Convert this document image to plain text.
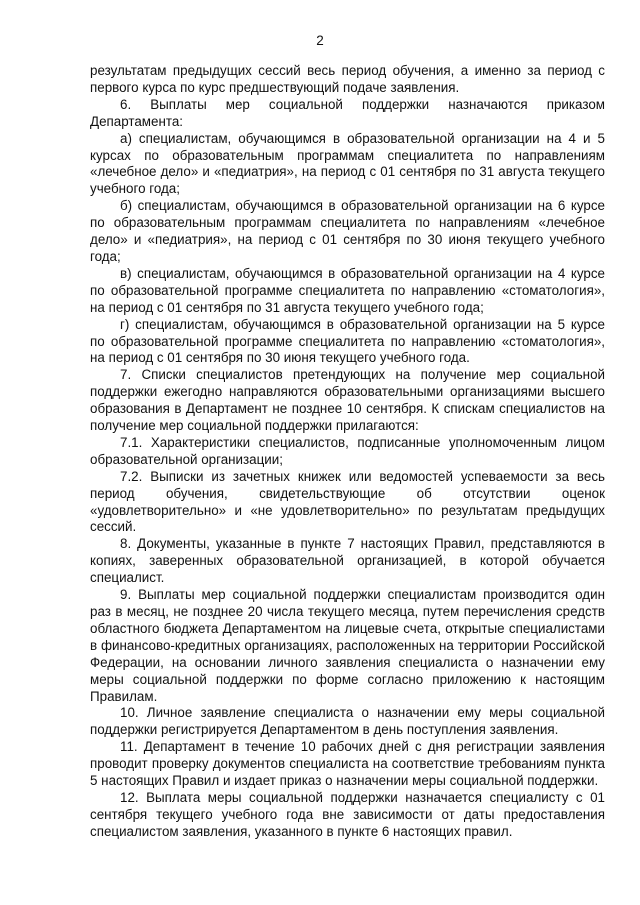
2

результатам предыдущих сессий весь период обучения, а именно за период с первого курса по курс предшествующий подаче заявления.

6. Выплаты мер социальной поддержки назначаются приказом Департамента:

а) специалистам, обучающимся в образовательной организации на 4 и 5 курсах по образовательным программам специалитета по направлениям «лечебное дело» и «педиатрия», на период с 01 сентября по 31 августа текущего учебного года;

б) специалистам, обучающимся в образовательной организации на 6 курсе по образовательным программам специалитета по направлениям «лечебное дело» и «педиатрия», на период с 01 сентября по 30 июня текущего учебного года;

в) специалистам, обучающимся в образовательной организации на 4 курсе по образовательной программе специалитета по направлению «стоматология», на период с 01 сентября по 31 августа текущего учебного года;

г) специалистам, обучающимся в образовательной организации на 5 курсе по образовательной программе специалитета по направлению «стоматология», на период с 01 сентября по 30 июня текущего учебного года.

7. Списки специалистов претендующих на получение мер социальной поддержки ежегодно направляются образовательными организациями высшего образования в Департамент не позднее 10 сентября. К спискам специалистов на получение мер социальной поддержки прилагаются:

7.1. Характеристики специалистов, подписанные уполномоченным лицом образовательной организации;

7.2. Выписки из зачетных книжек или ведомостей успеваемости за весь период обучения, свидетельствующие об отсутствии оценок «удовлетворительно» и «не удовлетворительно» по результатам предыдущих сессий.

8. Документы, указанные в пункте 7 настоящих Правил, представляются в копиях, заверенных образовательной организацией, в которой обучается специалист.

9. Выплаты мер социальной поддержки специалистам производится один раз в месяц, не позднее 20 числа текущего месяца, путем перечисления средств областного бюджета Департаментом на лицевые счета, открытые специалистами в финансово-кредитных организациях, расположенных на территории Российской Федерации, на основании личного заявления специалиста о назначении ему меры социальной поддержки по форме согласно приложению к настоящим Правилам.

10. Личное заявление специалиста о назначении ему меры социальной поддержки регистрируется Департаментом в день поступления заявления.

11. Департамент в течение 10 рабочих дней с дня регистрации заявления проводит проверку документов специалиста на соответствие требованиям пункта 5 настоящих Правил и издает приказ о назначении меры социальной поддержки.

12. Выплата меры социальной поддержки назначается специалисту с 01 сентября текущего учебного года вне зависимости от даты предоставления специалистом заявления, указанного в пункте 6 настоящих правил.
